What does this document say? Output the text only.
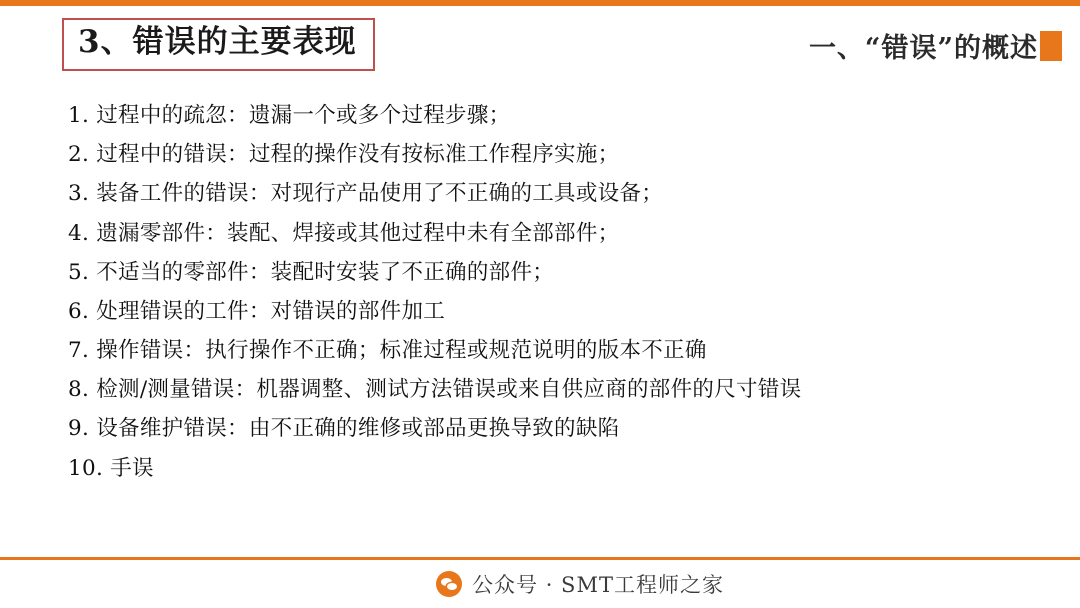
3、错误的主要表现	一、“错误”的概述
1. 过程中的疏忽：遗漏一个或多个过程步骤；
2. 过程中的错误：过程的操作没有按标准工作程序实施；
3. 装备工件的错误：对现行产品使用了不正确的工具或设备；
4. 遗漏零部件：装配、焊接或其他过程中未有全部部件；
5. 不适当的零部件：装配时安装了不正确的部件；
6. 处理错误的工件：对错误的部件加工
7. 操作错误：执行操作不正确；标准过程或规范说明的版本不正确
8. 检测/测量错误：机器调整、测试方法错误或来自供应商的部件的尺寸错误
9. 设备维护错误：由不正确的维修或部品更换导致的缺陷
10. 手误
公众号 · SMT工程师之家
